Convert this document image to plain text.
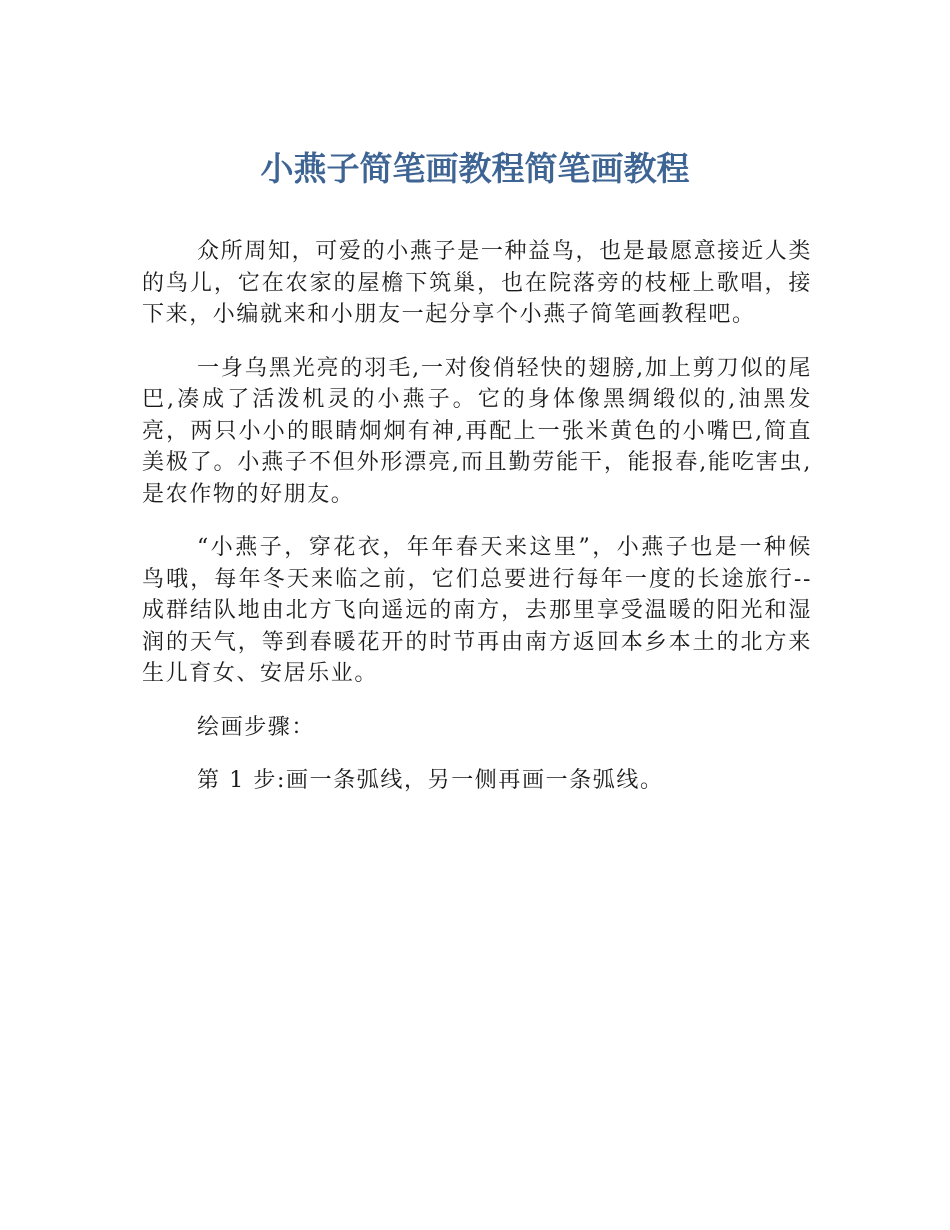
小燕子简笔画教程简笔画教程

众所周知，可爱的小燕子是一种益鸟，也是最愿意接近人类的鸟儿，它在农家的屋檐下筑巢，也在院落旁的枝桠上歌唱，接下来，小编就来和小朋友一起分享个小燕子简笔画教程吧。

一身乌黑光亮的羽毛,一对俊俏轻快的翅膀,加上剪刀似的尾巴,凑成了活泼机灵的小燕子。它的身体像黑绸缎似的,油黑发亮，两只小小的眼睛炯炯有神,再配上一张米黄色的小嘴巴,简直美极了。小燕子不但外形漂亮,而且勤劳能干，能报春,能吃害虫,是农作物的好朋友。

“小燕子，穿花衣，年年春天来这里”，小燕子也是一种候鸟哦，每年冬天来临之前，它们总要进行每年一度的长途旅行--成群结队地由北方飞向遥远的南方，去那里享受温暖的阳光和湿润的天气，等到春暖花开的时节再由南方返回本乡本土的北方来生儿育女、安居乐业。

绘画步骤：

第 1 步:画一条弧线，另一侧再画一条弧线。
